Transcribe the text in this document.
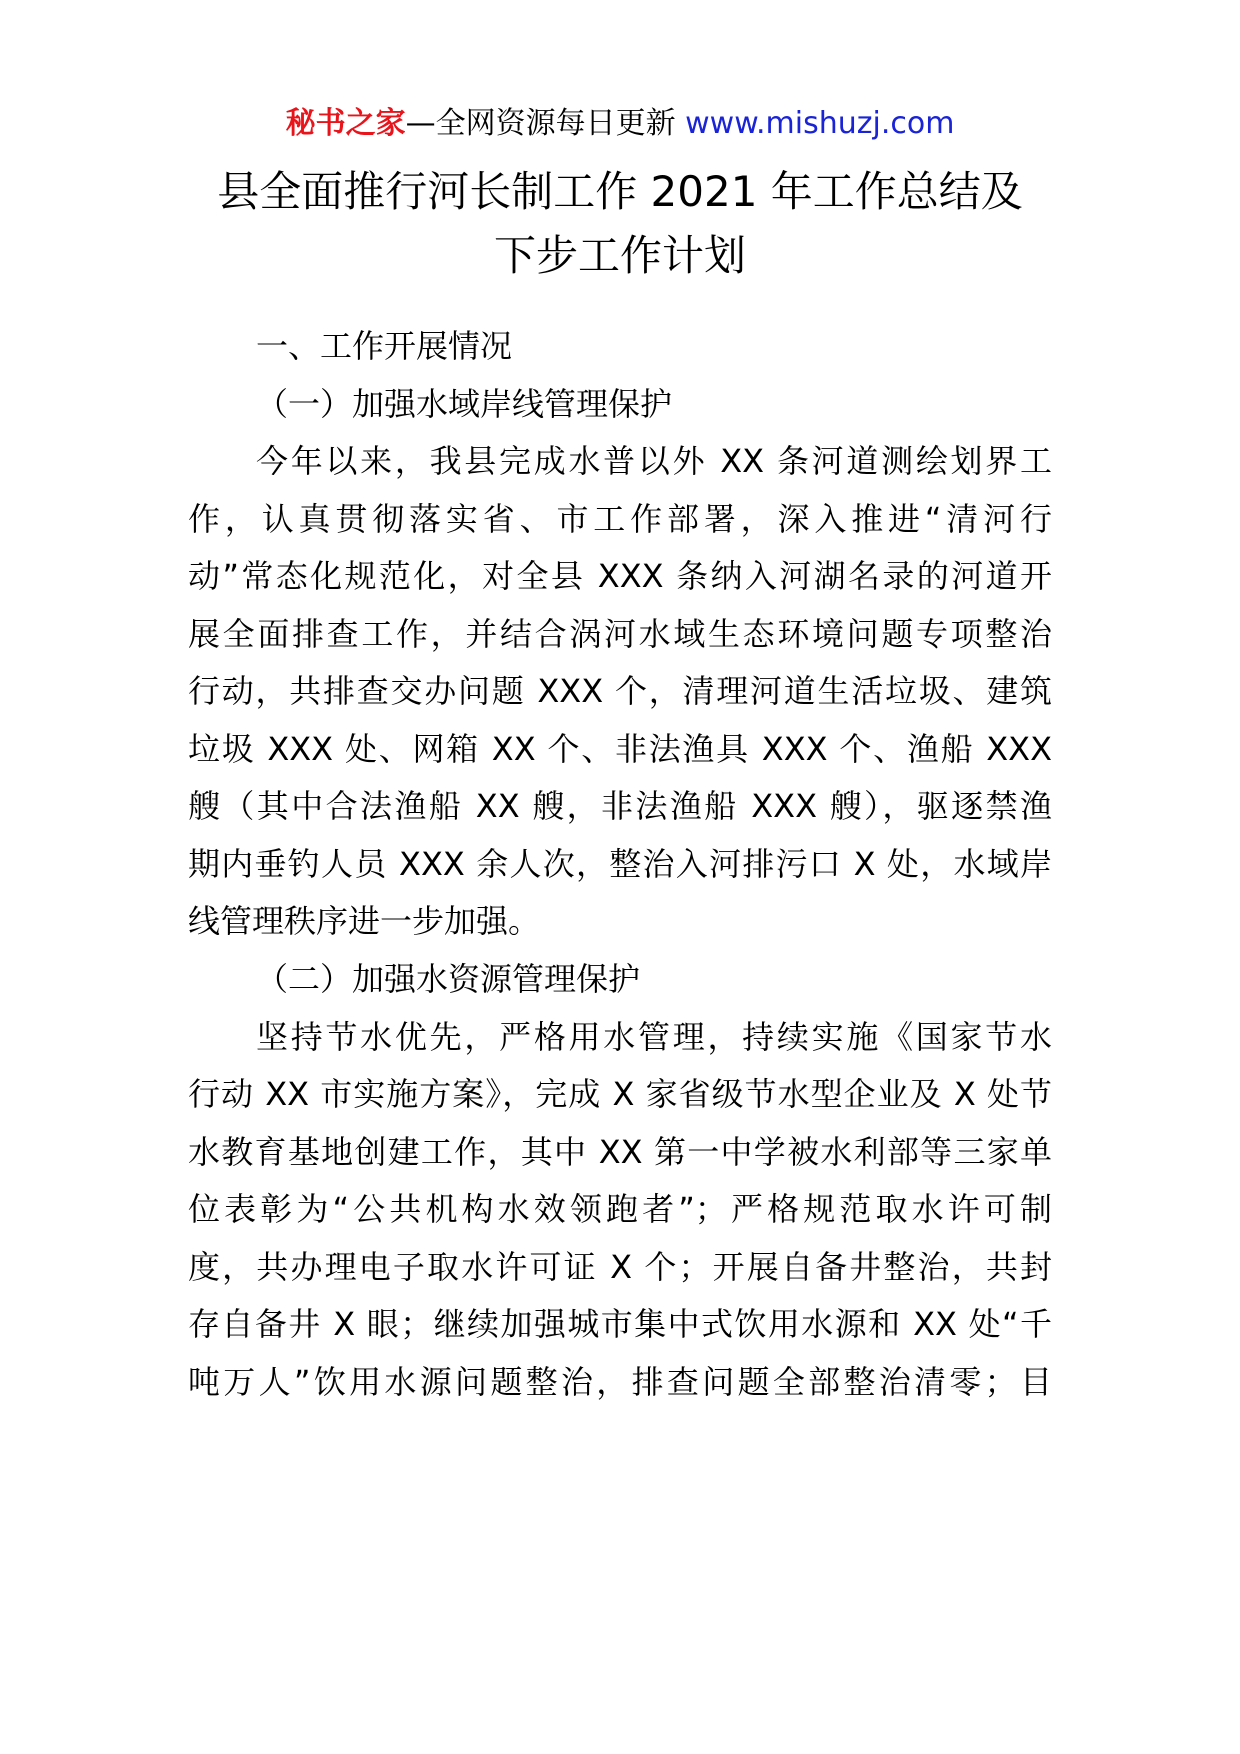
秘书之家—全网资源每日更新 www.mishuzj.com
县全面推行河长制工作 2021 年工作总结及
下步工作计划
一、工作开展情况
（一）加强水域岸线管理保护
今年以来，我县完成水普以外 XX 条河道测绘划界工
作，认真贯彻落实省、市工作部署，深入推进“清河行
动”常态化规范化，对全县 XXX 条纳入河湖名录的河道开
展全面排查工作，并结合涡河水域生态环境问题专项整治
行动，共排查交办问题 XXX 个，清理河道生活垃圾、建筑
垃圾 XXX 处、网箱 XX 个、非法渔具 XXX 个、渔船 XXX
艘（其中合法渔船 XX 艘，非法渔船 XXX 艘），驱逐禁渔
期内垂钓人员 XXX 余人次，整治入河排污口 X 处，水域岸
线管理秩序进一步加强。
（二）加强水资源管理保护
坚持节水优先，严格用水管理，持续实施《国家节水
行动 XX 市实施方案》，完成 X 家省级节水型企业及 X 处节
水教育基地创建工作，其中 XX 第一中学被水利部等三家单
位表彰为“公共机构水效领跑者”；严格规范取水许可制
度，共办理电子取水许可证 X 个；开展自备井整治，共封
存自备井 X 眼；继续加强城市集中式饮用水源和 XX 处“千
吨万人”饮用水源问题整治，排查问题全部整治清零；目
